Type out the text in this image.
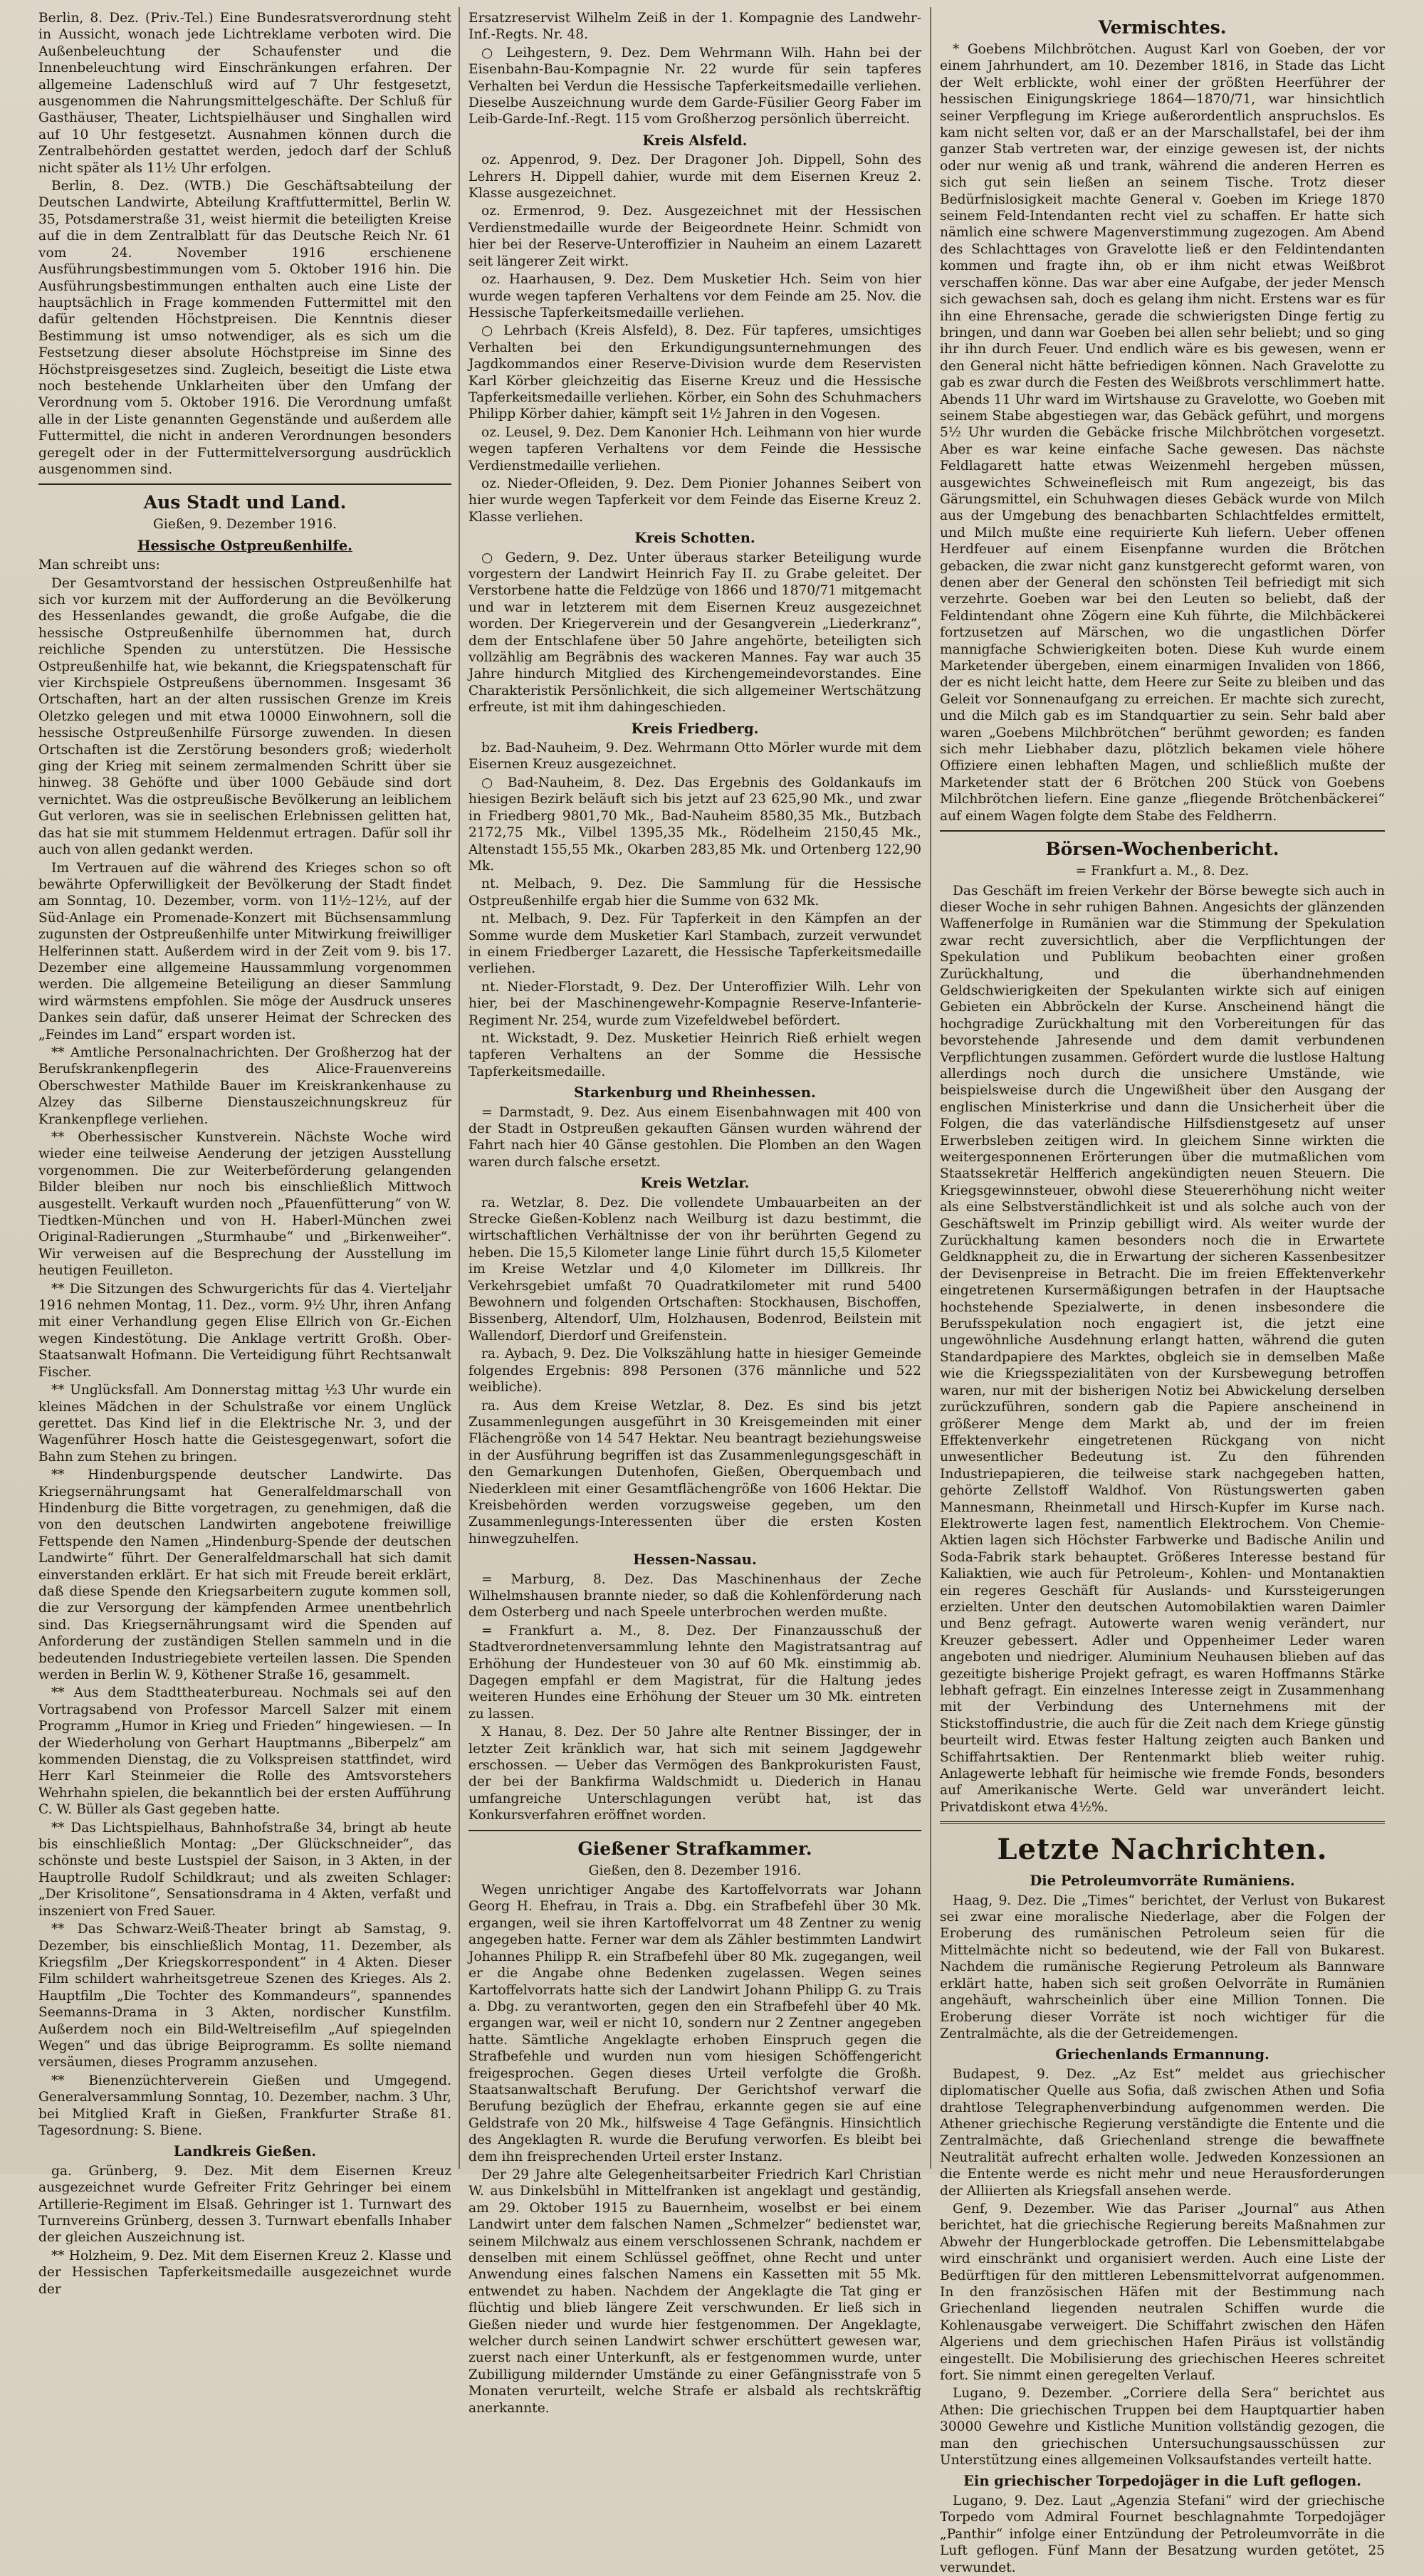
Berlin, 8. Dez. (Priv.-Tel.) Eine Bundesratsverordnung steht in Aussicht, wonach jede Lichtreklame verboten wird. Die Außenbeleuchtung der Schaufenster und die Innenbeleuchtung wird Einschränkungen erfahren. Der allgemeine Ladenschluß wird auf 7 Uhr festgesetzt, ausgenommen die Nahrungsmittelgeschäfte. Der Schluß für Gasthäuser, Theater, Lichtspielhäuser und Singhallen wird auf 10 Uhr festgesetzt. Ausnahmen können durch die Zentralbehörden gestattet werden, jedoch darf der Schluß nicht später als 11½ Uhr erfolgen.

Berlin, 8. Dez. (WTB.) Die Geschäftsabteilung der Deutschen Landwirte, Abteilung Kraftfuttermittel, Berlin W. 35, Potsdamerstraße 31, weist hiermit die beteiligten Kreise auf die in dem Zentralblatt für das Deutsche Reich Nr. 61 vom 24. November 1916 erschienene Ausführungsbestimmungen vom 5. Oktober 1916 hin. Die Ausführungsbestimmungen enthalten auch eine Liste der hauptsächlich in Frage kommenden Futtermittel mit den dafür geltenden Höchstpreisen. Die Kenntnis dieser Bestimmung ist umso notwendiger, als es sich um die Festsetzung dieser absolute Höchstpreise im Sinne des Höchstpreisgesetzes sind. Zugleich, beseitigt die Liste etwa noch bestehende Unklarheiten über den Umfang der Verordnung vom 5. Oktober 1916. Die Verordnung umfaßt alle in der Liste genannten Gegenstände und außerdem alle Futtermittel, die nicht in anderen Verordnungen besonders geregelt oder in der Futtermittelversorgung ausdrücklich ausgenommen sind.

Aus Stadt und Land.

Gießen, 9. Dezember 1916.

Hessische Ostpreußenhilfe.

Man schreibt uns:

Der Gesamtvorstand der hessischen Ostpreußenhilfe hat sich vor kurzem mit der Aufforderung an die Bevölkerung des Hessenlandes gewandt, die große Aufgabe, die die hessische Ostpreußenhilfe übernommen hat, durch reichliche Spenden zu unterstützen. Die Hessische Ostpreußenhilfe hat, wie bekannt, die Kriegspatenschaft für vier Kirchspiele Ostpreußens übernommen. Insgesamt 36 Ortschaften, hart an der alten russischen Grenze im Kreis Oletzko gelegen und mit etwa 10000 Einwohnern, soll die hessische Ostpreußenhilfe Fürsorge zuwenden. In diesen Ortschaften ist die Zerstörung besonders groß; wiederholt ging der Krieg mit seinem zermalmenden Schritt über sie hinweg. 38 Gehöfte und über 1000 Gebäude sind dort vernichtet. Was die ostpreußische Bevölkerung an leiblichem Gut verloren, was sie in seelischen Erlebnissen gelitten hat, das hat sie mit stummem Heldenmut ertragen. Dafür soll ihr auch von allen gedankt werden.

Im Vertrauen auf die während des Krieges schon so oft bewährte Opferwilligkeit der Bevölkerung der Stadt findet am Sonntag, 10. Dezember, vorm. von 11½–12½, auf der Süd-Anlage ein Promenade-Konzert mit Büchsensammlung zugunsten der Ostpreußenhilfe unter Mitwirkung freiwilliger Helferinnen statt. Außerdem wird in der Zeit vom 9. bis 17. Dezember eine allgemeine Haussammlung vorgenommen werden. Die allgemeine Beteiligung an dieser Sammlung wird wärmstens empfohlen. Sie möge der Ausdruck unseres Dankes sein dafür, daß unserer Heimat der Schrecken des „Feindes im Land“ erspart worden ist.

** Amtliche Personalnachrichten. Der Großherzog hat der Berufskrankenpflegerin des Alice-Frauenvereins Oberschwester Mathilde Bauer im Kreiskrankenhause zu Alzey das Silberne Dienstauszeichnungskreuz für Krankenpflege verliehen.

** Oberhessischer Kunstverein. Nächste Woche wird wieder eine teilweise Aenderung der jetzigen Ausstellung vorgenommen. Die zur Weiterbeförderung gelangenden Bilder bleiben nur noch bis einschließlich Mittwoch ausgestellt. Verkauft wurden noch „Pfauenfütterung“ von W. Tiedtken-München und von H. Haberl-München zwei Original-Radierungen „Sturmhaube“ und „Birkenweiher“. Wir verweisen auf die Besprechung der Ausstellung im heutigen Feuilleton.

** Die Sitzungen des Schwurgerichts für das 4. Vierteljahr 1916 nehmen Montag, 11. Dez., vorm. 9½ Uhr, ihren Anfang mit einer Verhandlung gegen Elise Ellrich von Gr.-Eichen wegen Kindestötung. Die Anklage vertritt Großh. Ober-Staatsanwalt Hofmann. Die Verteidigung führt Rechtsanwalt Fischer.

** Unglücksfall. Am Donnerstag mittag ½3 Uhr wurde ein kleines Mädchen in der Schulstraße vor einem Unglück gerettet. Das Kind lief in die Elektrische Nr. 3, und der Wagenführer Hosch hatte die Geistesgegenwart, sofort die Bahn zum Stehen zu bringen.

** Hindenburgspende deutscher Landwirte. Das Kriegsernährungsamt hat Generalfeldmarschall von Hindenburg die Bitte vorgetragen, zu genehmigen, daß die von den deutschen Landwirten angebotene freiwillige Fettspende den Namen „Hindenburg-Spende der deutschen Landwirte“ führt. Der Generalfeldmarschall hat sich damit einverstanden erklärt. Er hat sich mit Freude bereit erklärt, daß diese Spende den Kriegsarbeitern zugute kommen soll, die zur Versorgung der kämpfenden Armee unentbehrlich sind. Das Kriegsernährungsamt wird die Spenden auf Anforderung der zuständigen Stellen sammeln und in die bedeutenden Industriegebiete verteilen lassen. Die Spenden werden in Berlin W. 9, Köthener Straße 16, gesammelt.

** Aus dem Stadttheaterbureau. Nochmals sei auf den Vortragsabend von Professor Marcell Salzer mit einem Programm „Humor in Krieg und Frieden“ hingewiesen. — In der Wiederholung von Gerhart Hauptmanns „Biberpelz“ am kommenden Dienstag, die zu Volkspreisen stattfindet, wird Herr Karl Steinmeier die Rolle des Amtsvorstehers Wehrhahn spielen, die bekanntlich bei der ersten Aufführung C. W. Büller als Gast gegeben hatte.

** Das Lichtspielhaus, Bahnhofstraße 34, bringt ab heute bis einschließlich Montag: „Der Glückschneider“, das schönste und beste Lustspiel der Saison, in 3 Akten, in der Hauptrolle Rudolf Schildkraut; und als zweiten Schlager: „Der Krisolitone“, Sensationsdrama in 4 Akten, verfaßt und inszeniert von Fred Sauer.

** Das Schwarz-Weiß-Theater bringt ab Samstag, 9. Dezember, bis einschließlich Montag, 11. Dezember, als Kriegsfilm „Der Kriegskorrespondent“ in 4 Akten. Dieser Film schildert wahrheitsgetreue Szenen des Krieges. Als 2. Hauptfilm „Die Tochter des Kommandeurs“, spannendes Seemanns-Drama in 3 Akten, nordischer Kunstfilm. Außerdem noch ein Bild-Weltreisefilm „Auf spiegelnden Wegen“ und das übrige Beiprogramm. Es sollte niemand versäumen, dieses Programm anzusehen.

** Bienenzüchterverein Gießen und Umgegend. Generalversammlung Sonntag, 10. Dezember, nachm. 3 Uhr, bei Mitglied Kraft in Gießen, Frankfurter Straße 81. Tagesordnung: S. Biene.

Landkreis Gießen.

ga. Grünberg, 9. Dez. Mit dem Eisernen Kreuz ausgezeichnet wurde Gefreiter Fritz Gehringer bei einem Artillerie-Regiment im Elsaß. Gehringer ist 1. Turnwart des Turnvereins Grünberg, dessen 3. Turnwart ebenfalls Inhaber der gleichen Auszeichnung ist.

** Holzheim, 9. Dez. Mit dem Eisernen Kreuz 2. Klasse und der Hessischen Tapferkeitsmedaille ausgezeichnet wurde der

Ersatzreservist Wilhelm Zeiß in der 1. Kompagnie des Landwehr-Inf.-Regts. Nr. 48.

○ Leihgestern, 9. Dez. Dem Wehrmann Wilh. Hahn bei der Eisenbahn-Bau-Kompagnie Nr. 22 wurde für sein tapferes Verhalten bei Verdun die Hessische Tapferkeitsmedaille verliehen. Dieselbe Auszeichnung wurde dem Garde-Füsilier Georg Faber im Leib-Garde-Inf.-Regt. 115 vom Großherzog persönlich überreicht.

Kreis Alsfeld.

oz. Appenrod, 9. Dez. Der Dragoner Joh. Dippell, Sohn des Lehrers H. Dippell dahier, wurde mit dem Eisernen Kreuz 2. Klasse ausgezeichnet.

oz. Ermenrod, 9. Dez. Ausgezeichnet mit der Hessischen Verdienstmedaille wurde der Beigeordnete Heinr. Schmidt von hier bei der Reserve-Unteroffizier in Nauheim an einem Lazarett seit längerer Zeit wirkt.

oz. Haarhausen, 9. Dez. Dem Musketier Hch. Seim von hier wurde wegen tapferen Verhaltens vor dem Feinde am 25. Nov. die Hessische Tapferkeitsmedaille verliehen.

○ Lehrbach (Kreis Alsfeld), 8. Dez. Für tapferes, umsichtiges Verhalten bei den Erkundigungsunternehmungen des Jagdkommandos einer Reserve-Division wurde dem Reservisten Karl Körber gleichzeitig das Eiserne Kreuz und die Hessische Tapferkeitsmedaille verliehen. Körber, ein Sohn des Schuhmachers Philipp Körber dahier, kämpft seit 1½ Jahren in den Vogesen.

oz. Leusel, 9. Dez. Dem Kanonier Hch. Leihmann von hier wurde wegen tapferen Verhaltens vor dem Feinde die Hessische Verdienstmedaille verliehen.

oz. Nieder-Ofleiden, 9. Dez. Dem Pionier Johannes Seibert von hier wurde wegen Tapferkeit vor dem Feinde das Eiserne Kreuz 2. Klasse verliehen.

Kreis Schotten.

○ Gedern, 9. Dez. Unter überaus starker Beteiligung wurde vorgestern der Landwirt Heinrich Fay II. zu Grabe geleitet. Der Verstorbene hatte die Feldzüge von 1866 und 1870/71 mitgemacht und war in letzterem mit dem Eisernen Kreuz ausgezeichnet worden. Der Kriegerverein und der Gesangverein „Liederkranz“, dem der Entschlafene über 50 Jahre angehörte, beteiligten sich vollzählig am Begräbnis des wackeren Mannes. Fay war auch 35 Jahre hindurch Mitglied des Kirchengemeindevorstandes. Eine Charakteristik Persönlichkeit, die sich allgemeiner Wertschätzung erfreute, ist mit ihm dahingeschieden.

Kreis Friedberg.

bz. Bad-Nauheim, 9. Dez. Wehrmann Otto Mörler wurde mit dem Eisernen Kreuz ausgezeichnet.

○ Bad-Nauheim, 8. Dez. Das Ergebnis des Goldankaufs im hiesigen Bezirk beläuft sich bis jetzt auf 23 625,90 Mk., und zwar in Friedberg 9801,70 Mk., Bad-Nauheim 8580,35 Mk., Butzbach 2172,75 Mk., Vilbel 1395,35 Mk., Rödelheim 2150,45 Mk., Altenstadt 155,55 Mk., Okarben 283,85 Mk. und Ortenberg 122,90 Mk.

nt. Melbach, 9. Dez. Die Sammlung für die Hessische Ostpreußenhilfe ergab hier die Summe von 632 Mk.

nt. Melbach, 9. Dez. Für Tapferkeit in den Kämpfen an der Somme wurde dem Musketier Karl Stambach, zurzeit verwundet in einem Friedberger Lazarett, die Hessische Tapferkeitsmedaille verliehen.

nt. Nieder-Florstadt, 9. Dez. Der Unteroffizier Wilh. Lehr von hier, bei der Maschinengewehr-Kompagnie Reserve-Infanterie-Regiment Nr. 254, wurde zum Vizefeldwebel befördert.

nt. Wickstadt, 9. Dez. Musketier Heinrich Rieß erhielt wegen tapferen Verhaltens an der Somme die Hessische Tapferkeitsmedaille.

Starkenburg und Rheinhessen.

= Darmstadt, 9. Dez. Aus einem Eisenbahnwagen mit 400 von der Stadt in Ostpreußen gekauften Gänsen wurden während der Fahrt nach hier 40 Gänse gestohlen. Die Plomben an den Wagen waren durch falsche ersetzt.

Kreis Wetzlar.

ra. Wetzlar, 8. Dez. Die vollendete Umbauarbeiten an der Strecke Gießen-Koblenz nach Weilburg ist dazu bestimmt, die wirtschaftlichen Verhältnisse der von ihr berührten Gegend zu heben. Die 15,5 Kilometer lange Linie führt durch 15,5 Kilometer im Kreise Wetzlar und 4,0 Kilometer im Dillkreis. Ihr Verkehrsgebiet umfaßt 70 Quadratkilometer mit rund 5400 Bewohnern und folgenden Ortschaften: Stockhausen, Bischoffen, Bissenberg, Altendorf, Ulm, Holzhausen, Bodenrod, Beilstein mit Wallendorf, Dierdorf und Greifenstein.

ra. Aybach, 9. Dez. Die Volkszählung hatte in hiesiger Gemeinde folgendes Ergebnis: 898 Personen (376 männliche und 522 weibliche).

ra. Aus dem Kreise Wetzlar, 8. Dez. Es sind bis jetzt Zusammenlegungen ausgeführt in 30 Kreisgemeinden mit einer Flächengröße von 14 547 Hektar. Neu beantragt beziehungsweise in der Ausführung begriffen ist das Zusammenlegungsgeschäft in den Gemarkungen Dutenhofen, Gießen, Oberquembach und Niederkleen mit einer Gesamtflächengröße von 1606 Hektar. Die Kreisbehörden werden vorzugsweise gegeben, um den Zusammenlegungs-Interessenten über die ersten Kosten hinwegzuhelfen.

Hessen-Nassau.

= Marburg, 8. Dez. Das Maschinenhaus der Zeche Wilhelmshausen brannte nieder, so daß die Kohlenförderung nach dem Osterberg und nach Speele unterbrochen werden mußte.

= Frankfurt a. M., 8. Dez. Der Finanzausschuß der Stadtverordnetenversammlung lehnte den Magistratsantrag auf Erhöhung der Hundesteuer von 30 auf 60 Mk. einstimmig ab. Dagegen empfahl er dem Magistrat, für die Haltung jedes weiteren Hundes eine Erhöhung der Steuer um 30 Mk. eintreten zu lassen.

X Hanau, 8. Dez. Der 50 Jahre alte Rentner Bissinger, der in letzter Zeit kränklich war, hat sich mit seinem Jagdgewehr erschossen. — Ueber das Vermögen des Bankprokuristen Faust, der bei der Bankfirma Waldschmidt u. Diederich in Hanau umfangreiche Unterschlagungen verübt hat, ist das Konkursverfahren eröffnet worden.

Gießener Strafkammer.

Gießen, den 8. Dezember 1916.

Wegen unrichtiger Angabe des Kartoffelvorrats war Johann Georg H. Ehefrau, in Trais a. Dbg. ein Strafbefehl über 30 Mk. ergangen, weil sie ihren Kartoffelvorrat um 48 Zentner zu wenig angegeben hatte. Ferner war dem als Zähler bestimmten Landwirt Johannes Philipp R. ein Strafbefehl über 80 Mk. zugegangen, weil er die Angabe ohne Bedenken zugelassen. Wegen seines Kartoffelvorrats hatte sich der Landwirt Johann Philipp G. zu Trais a. Dbg. zu verantworten, gegen den ein Strafbefehl über 40 Mk. ergangen war, weil er nicht 10, sondern nur 2 Zentner angegeben hatte. Sämtliche Angeklagte erhoben Einspruch gegen die Strafbefehle und wurden nun vom hiesigen Schöffengericht freigesprochen. Gegen dieses Urteil verfolgte die Großh. Staatsanwaltschaft Berufung. Der Gerichtshof verwarf die Berufung bezüglich der Ehefrau, erkannte gegen sie auf eine Geldstrafe von 20 Mk., hilfsweise 4 Tage Gefängnis. Hinsichtlich des Angeklagten R. wurde die Berufung verworfen. Es bleibt bei dem ihn freisprechenden Urteil erster Instanz.

Der 29 Jahre alte Gelegenheitsarbeiter Friedrich Karl Christian W. aus Dinkelsbühl in Mittelfranken ist angeklagt und geständig, am 29. Oktober 1915 zu Bauernheim, woselbst er bei einem Landwirt unter dem falschen Namen „Schmelzer“ bedienstet war, seinem Milchwalz aus einem verschlossenen Schrank, nachdem er denselben mit einem Schlüssel geöffnet, ohne Recht und unter Anwendung eines falschen Namens ein Kassetten mit 55 Mk. entwendet zu haben. Nachdem der Angeklagte die Tat ging er flüchtig und blieb längere Zeit verschwunden. Er ließ sich in Gießen nieder und wurde hier festgenommen. Der Angeklagte, welcher durch seinen Landwirt schwer erschüttert gewesen war, zuerst nach einer Unterkunft, als er festgenommen wurde, unter Zubilligung mildernder Umstände zu einer Gefängnisstrafe von 5 Monaten verurteilt, welche Strafe er alsbald als rechtskräftig anerkannte.

Vermischtes.

* Goebens Milchbrötchen. August Karl von Goeben, der vor einem Jahrhundert, am 10. Dezember 1816, in Stade das Licht der Welt erblickte, wohl einer der größten Heerführer der hessischen Einigungskriege 1864—1870/71, war hinsichtlich seiner Verpflegung im Kriege außerordentlich anspruchslos. Es kam nicht selten vor, daß er an der Marschallstafel, bei der ihm ganzer Stab vertreten war, der einzige gewesen ist, der nichts oder nur wenig aß und trank, während die anderen Herren es sich gut sein ließen an seinem Tische. Trotz dieser Bedürfnislosigkeit machte General v. Goeben im Kriege 1870 seinem Feld-Intendanten recht viel zu schaffen. Er hatte sich nämlich eine schwere Magenverstimmung zugezogen. Am Abend des Schlachttages von Gravelotte ließ er den Feldintendanten kommen und fragte ihn, ob er ihm nicht etwas Weißbrot verschaffen könne. Das war aber eine Aufgabe, der jeder Mensch sich gewachsen sah, doch es gelang ihm nicht. Erstens war es für ihn eine Ehrensache, gerade die schwierigsten Dinge fertig zu bringen, und dann war Goeben bei allen sehr beliebt; und so ging ihr ihn durch Feuer. Und endlich wäre es bis gewesen, wenn er den General nicht hätte befriedigen können. Nach Gravelotte zu gab es zwar durch die Festen des Weißbrots verschlimmert hatte. Abends 11 Uhr ward im Wirtshause zu Gravelotte, wo Goeben mit seinem Stabe abgestiegen war, das Gebäck geführt, und morgens 5½ Uhr wurden die Gebäcke frische Milchbrötchen vorgesetzt. Aber es war keine einfache Sache gewesen. Das nächste Feldlagarett hatte etwas Weizenmehl hergeben müssen, ausgewichtes Schweinefleisch mit Rum angezeigt, bis das Gärungsmittel, ein Schuhwagen dieses Gebäck wurde von Milch aus der Umgebung des benachbarten Schlachtfeldes ermittelt, und Milch mußte eine requirierte Kuh liefern. Ueber offenen Herdfeuer auf einem Eisenpfanne wurden die Brötchen gebacken, die zwar nicht ganz kunstgerecht geformt waren, von denen aber der General den schönsten Teil befriedigt mit sich verzehrte. Goeben war bei den Leuten so beliebt, daß der Feldintendant ohne Zögern eine Kuh führte, die Milchbäckerei fortzusetzen auf Märschen, wo die ungastlichen Dörfer mannigfache Schwierigkeiten boten. Diese Kuh wurde einem Marketender übergeben, einem einarmigen Invaliden von 1866, der es nicht leicht hatte, dem Heere zur Seite zu bleiben und das Geleit vor Sonnenaufgang zu erreichen. Er machte sich zurecht, und die Milch gab es im Standquartier zu sein. Sehr bald aber waren „Goebens Milchbrötchen“ berühmt geworden; es fanden sich mehr Liebhaber dazu, plötzlich bekamen viele höhere Offiziere einen lebhaften Magen, und schließlich mußte der Marketender statt der 6 Brötchen 200 Stück von Goebens Milchbrötchen liefern. Eine ganze „fliegende Brötchenbäckerei“ auf einem Wagen folgte dem Stabe des Feldherrn.

Börsen-Wochenbericht.

= Frankfurt a. M., 8. Dez.

Das Geschäft im freien Verkehr der Börse bewegte sich auch in dieser Woche in sehr ruhigen Bahnen. Angesichts der glänzenden Waffenerfolge in Rumänien war die Stimmung der Spekulation zwar recht zuversichtlich, aber die Verpflichtungen der Spekulation und Publikum beobachten einer großen Zurückhaltung, und die überhandnehmenden Geldschwierigkeiten der Spekulanten wirkte sich auf einigen Gebieten ein Abbröckeln der Kurse. Anscheinend hängt die hochgradige Zurückhaltung mit den Vorbereitungen für das bevorstehende Jahresende und dem damit verbundenen Verpflichtungen zusammen. Gefördert wurde die lustlose Haltung allerdings noch durch die unsichere Umstände, wie beispielsweise durch die Ungewißheit über den Ausgang der englischen Ministerkrise und dann die Unsicherheit über die Folgen, die das vaterländische Hilfsdienstgesetz auf unser Erwerbsleben zeitigen wird. In gleichem Sinne wirkten die weitergesponnenen Erörterungen über die mutmaßlichen vom Staatssekretär Helfferich angekündigten neuen Steuern. Die Kriegsgewinnsteuer, obwohl diese Steuererhöhung nicht weiter als eine Selbstverständlichkeit ist und als solche auch von der Geschäftswelt im Prinzip gebilligt wird. Als weiter wurde der Zurückhaltung kamen besonders noch die in Erwartete Geldknappheit zu, die in Erwartung der sicheren Kassenbesitzer der Devisenpreise in Betracht. Die im freien Effektenverkehr eingetretenen Kursermäßigungen betrafen in der Hauptsache hochstehende Spezialwerte, in denen insbesondere die Berufsspekulation noch engagiert ist, die jetzt eine ungewöhnliche Ausdehnung erlangt hatten, während die guten Standardpapiere des Marktes, obgleich sie in demselben Maße wie die Kriegsspezialitäten von der Kursbewegung betroffen waren, nur mit der bisherigen Notiz bei Abwickelung derselben zurückzuführen, sondern gab die Papiere anscheinend in größerer Menge dem Markt ab, und der im freien Effektenverkehr eingetretenen Rückgang von nicht unwesentlicher Bedeutung ist. Zu den führenden Industriepapieren, die teilweise stark nachgegeben hatten, gehörte Zellstoff Waldhof. Von Rüstungswerten gaben Mannesmann, Rheinmetall und Hirsch-Kupfer im Kurse nach. Elektrowerte lagen fest, namentlich Elektrochem. Von Chemie-Aktien lagen sich Höchster Farbwerke und Badische Anilin und Soda-Fabrik stark behauptet. Größeres Interesse bestand für Kaliaktien, wie auch für Petroleum-, Kohlen- und Montanaktien ein regeres Geschäft für Auslands- und Kurssteigerungen erzielten. Unter den deutschen Automobilaktien waren Daimler und Benz gefragt. Autowerte waren wenig verändert, nur Kreuzer gebessert. Adler und Oppenheimer Leder waren angeboten und niedriger. Aluminium Neuhausen blieben auf das gezeitigte bisherige Projekt gefragt, es waren Hoffmanns Stärke lebhaft gefragt. Ein einzelnes Interesse zeigt in Zusammenhang mit der Verbindung des Unternehmens mit der Stickstoffindustrie, die auch für die Zeit nach dem Kriege günstig beurteilt wird. Etwas fester Haltung zeigten auch Banken und Schiffahrtsaktien. Der Rentenmarkt blieb weiter ruhig. Anlagewerte lebhaft für heimische wie fremde Fonds, besonders auf Amerikanische Werte. Geld war unverändert leicht. Privatdiskont etwa 4½%.

Letzte Nachrichten.
Die Petroleumvorräte Rumäniens.

Haag, 9. Dez. Die „Times“ berichtet, der Verlust von Bukarest sei zwar eine moralische Niederlage, aber die Folgen der Eroberung des rumänischen Petroleum seien für die Mittelmächte nicht so bedeutend, wie der Fall von Bukarest. Nachdem die rumänische Regierung Petroleum als Bannware erklärt hatte, haben sich seit großen Oelvorräte in Rumänien angehäuft, wahrscheinlich über eine Million Tonnen. Die Eroberung dieser Vorräte ist noch wichtiger für die Zentralmächte, als die der Getreidemengen.

Griechenlands Ermannung.

Budapest, 9. Dez. „Az Est“ meldet aus griechischer diplomatischer Quelle aus Sofia, daß zwischen Athen und Sofia drahtlose Telegraphenverbindung aufgenommen werden. Die Athener griechische Regierung verständigte die Entente und die Zentralmächte, daß Griechenland strenge die bewaffnete Neutralität aufrecht erhalten wolle. Jedweden Konzessionen an die Entente werde es nicht mehr und neue Herausforderungen der Alliierten als Kriegsfall ansehen werde.

Genf, 9. Dezember. Wie das Pariser „Journal“ aus Athen berichtet, hat die griechische Regierung bereits Maßnahmen zur Abwehr der Hungerblockade getroffen. Die Lebensmittelabgabe wird einschränkt und organisiert werden. Auch eine Liste der Bedürftigen für den mittleren Lebensmittelvorrat aufgenommen. In den französischen Häfen mit der Bestimmung nach Griechenland liegenden neutralen Schiffen wurde die Kohlenausgabe verweigert. Die Schiffahrt zwischen den Häfen Algeriens und dem griechischen Hafen Piräus ist vollständig eingestellt. Die Mobilisierung des griechischen Heeres schreitet fort. Sie nimmt einen geregelten Verlauf.

Lugano, 9. Dezember. „Corriere della Sera“ berichtet aus Athen: Die griechischen Truppen bei dem Hauptquartier haben 30000 Gewehre und Kistliche Munition vollständig gezogen, die man den griechischen Untersuchungsausschüssen zur Unterstützung eines allgemeinen Volksaufstandes verteilt hatte.

Ein griechischer Torpedojäger in die Luft geflogen.

Lugano, 9. Dez. Laut „Agenzia Stefani“ wird der griechische Torpedo vom Admiral Fournet beschlagnahmte Torpedojäger „Panthir“ infolge einer Entzündung der Petroleumvorräte in die Luft geflogen. Fünf Mann der Besatzung wurden getötet, 25 verwundet.
